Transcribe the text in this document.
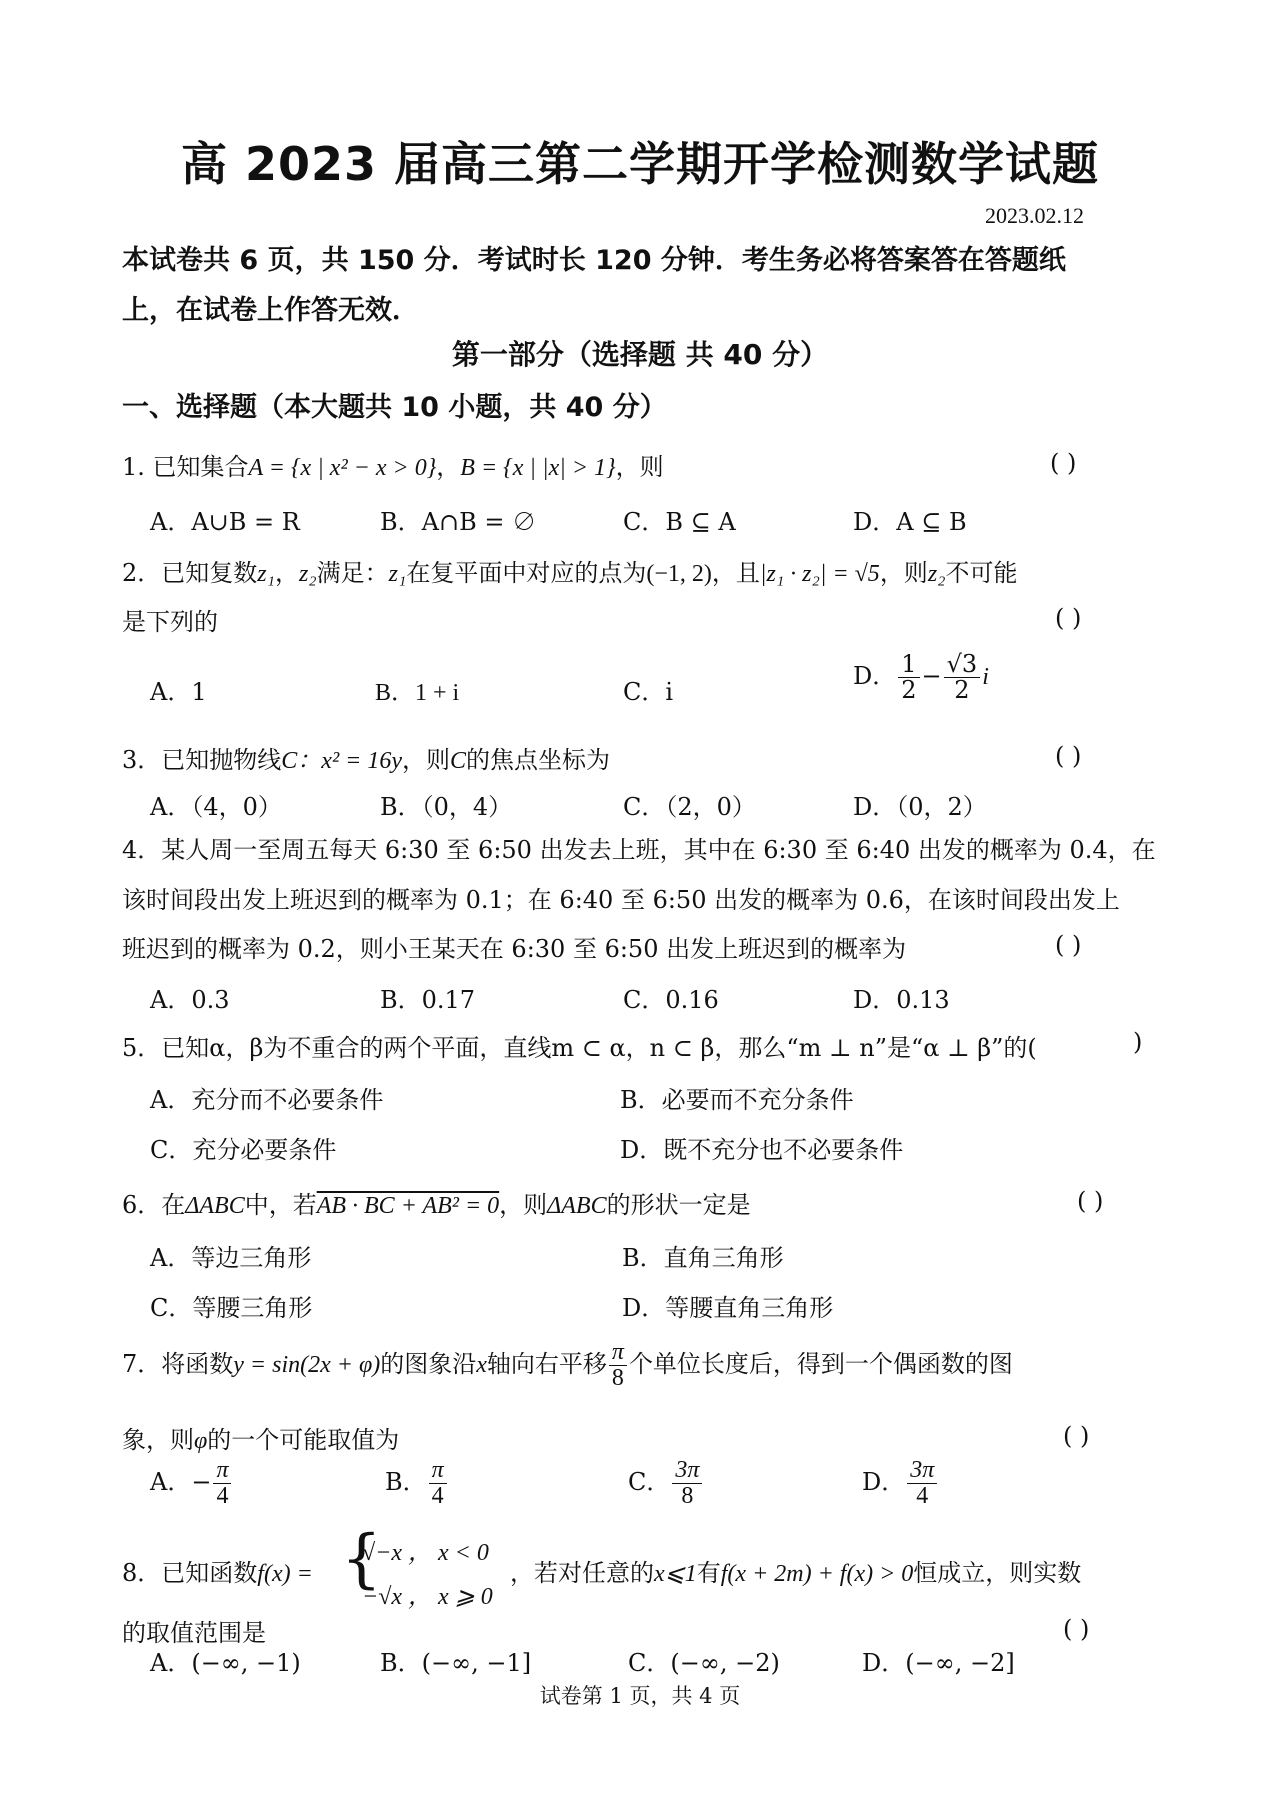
高 2023 届高三第二学期开学检测数学试题
2023.02.12
本试卷共 6 页，共 150 分．考试时长 120 分钟．考生务必将答案答在答题纸
上，在试卷上作答无效．
第一部分（选择题 共 40 分）
一、选择题（本大题共 10 小题，共 40 分）
1. 已知集合A = {x | x² − x > 0}，B = {x | |x| > 1}，则	( )
A．A∪B = R	B．A∩B = ∅	C．B ⊆ A	D．A ⊆ B
2．已知复数z₁，z₂满足：z₁在复平面中对应的点为(−1, 2)，且|z₁ · z₂| = √5，则z₂不可能
是下列的	( )
A．1	B．1 + i	C．i
D． $\frac{1}{2} - \frac{√3}{2}$ i
3．已知抛物线C：x² = 16y，则C的焦点坐标为	( )
A．（4，0）	B．（0，4）	C．（2，0）	D．（0，2）
4．某人周一至周五每天 6:30 至 6:50 出发去上班，其中在 6:30 至 6:40 出发的概率为 0.4，在
该时间段出发上班迟到的概率为 0.1；在 6:40 至 6:50 出发的概率为 0.6，在该时间段出发上
班迟到的概率为 0.2，则小王某天在 6:30 至 6:50 出发上班迟到的概率为	( )
A．0.3	B．0.17	C．0.16	D．0.13
5．已知α，β为不重合的两个平面，直线m ⊂ α，n ⊂ β，那么“m ⊥ n”是“α ⊥ β”的(	)
A．充分而不必要条件	B．必要而不充分条件
C．充分必要条件	D．既不充分也不必要条件
6．在ΔABC中，若AB · BC + AB² = 0，则ΔABC的形状一定是	( )
A．等边三角形	B．直角三角形
C．等腰三角形	D．等腰直角三角形
7．将函数y = sin(2x + φ)的图象沿x轴向右平移 $\frac{\pi}{8}$ 个单位长度后，得到一个偶函数的图
象，则φ的一个可能取值为	( )
A．− $\frac{\pi}{4}$	B． $\frac{\pi}{4}$	C． $\frac{3\pi}{8}$	D． $\frac{3\pi}{4}$
8．已知函数f(x) = {
√−x ， x < 0
−√x ， x ⩾ 0
，若对任意的x⩽1有f(x + 2m) + f(x) > 0恒成立，则实数
的取值范围是	( )
A．(−∞, −1)	B．(−∞, −1]	C．(−∞, −2)	D．(−∞, −2]
试卷第 1 页，共 4 页
